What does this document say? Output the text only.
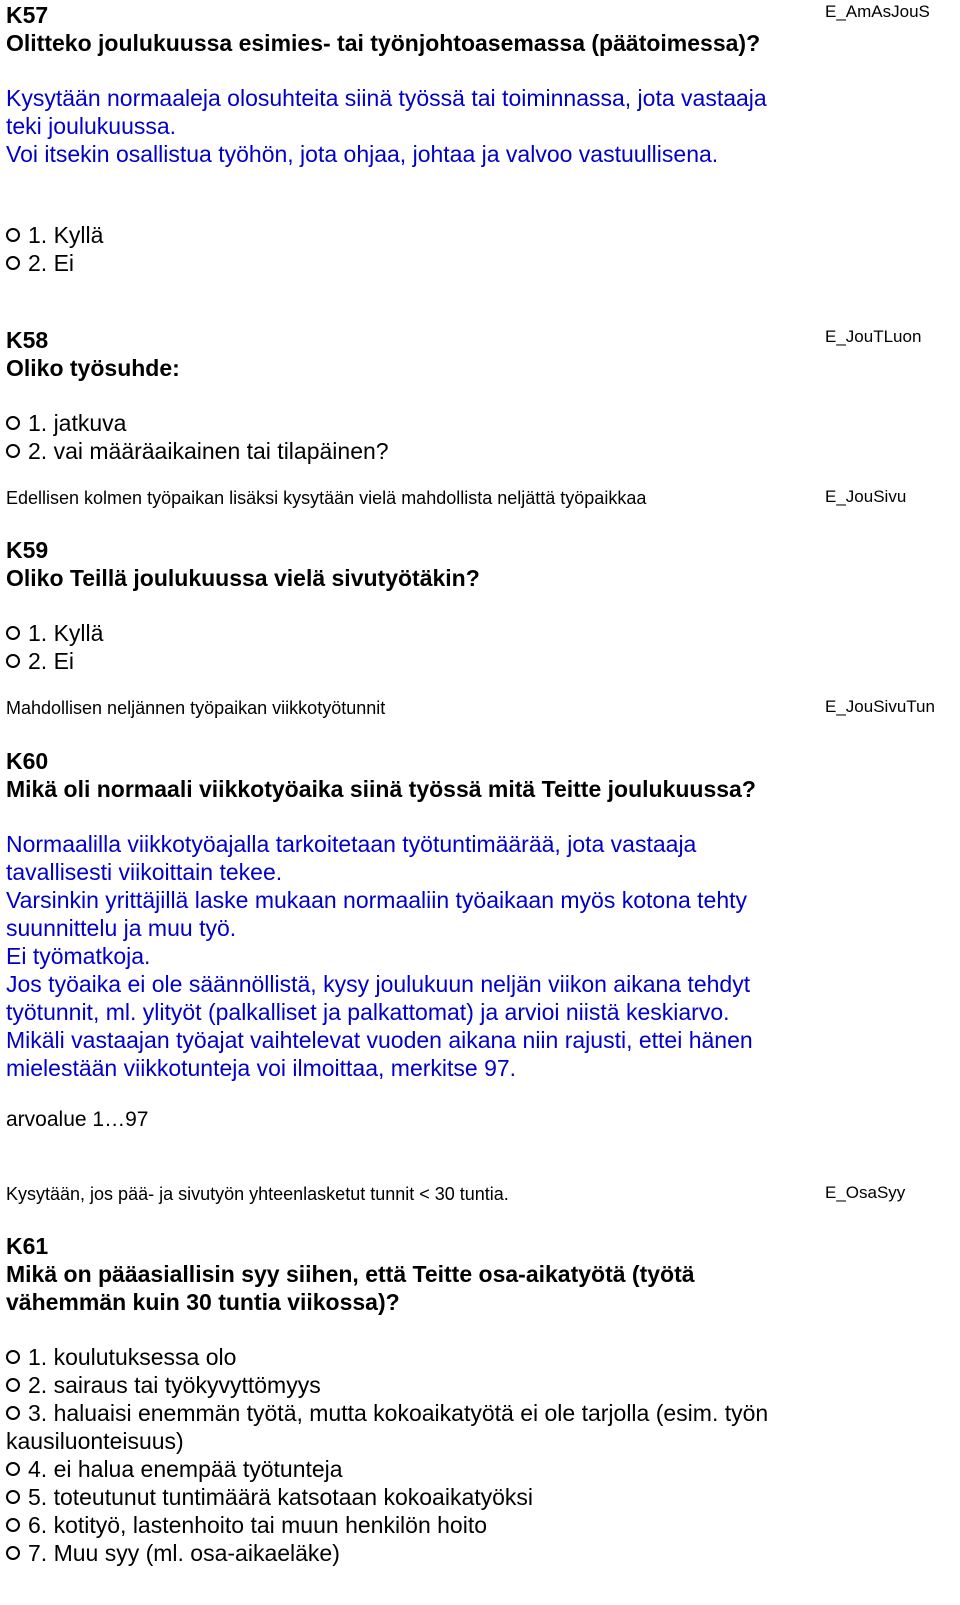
K57
Olitteko joulukuussa esimies- tai työnjohtoasemassa (päätoimessa)?
E_AmAsJouS

Kysytään normaaleja olosuhteita siinä työssä tai toiminnassa, jota vastaaja

teki joulukuussa.

Voi itsekin osallistua työhön, jota ohjaa, johtaa ja valvoo vastuullisena.

1. Kyllä
2. Ei
K58
Oliko työsuhde:
E_JouTLuon
1. jatkuva
2. vai määräaikainen tai tilapäinen?
Edellisen kolmen työpaikan lisäksi kysytään vielä mahdollista neljättä työpaikkaa	E_JouSivu
K59
Oliko Teillä joulukuussa vielä sivutyötäkin?
1. Kyllä
2. Ei
Mahdollisen neljännen työpaikan viikkotyötunnit	E_JouSivuTun
K60
Mikä oli normaali viikkotyöaika siinä työssä mitä Teitte joulukuussa?

Normaalilla viikkotyöajalla tarkoitetaan työtuntimäärää, jota vastaaja

tavallisesti viikoittain tekee.

Varsinkin yrittäjillä laske mukaan normaaliin työaikaan myös kotona tehty

suunnittelu ja muu työ.

Ei työmatkoja.

Jos työaika ei ole säännöllistä, kysy joulukuun neljän viikon aikana tehdyt

työtunnit, ml. ylityöt (palkalliset ja palkattomat) ja arvioi niistä keskiarvo.

Mikäli vastaajan työajat vaihtelevat vuoden aikana niin rajusti, ettei hänen

mielestään viikkotunteja voi ilmoittaa, merkitse 97.

arvoalue 1…97
Kysytään, jos pää- ja sivutyön yhteenlasketut tunnit < 30 tuntia.	E_OsaSyy
K61

Mikä on pääasiallisin syy siihen, että Teitte osa-aikatyötä (työtä

vähemmän kuin 30 tuntia viikossa)?

1. koulutuksessa olo
2. sairaus tai työkyvyttömyys
3. haluaisi enemmän työtä, mutta kokoaikatyötä ei ole tarjolla (esim. työn
kausiluonteisuus)
4. ei halua enempää työtunteja
5. toteutunut tuntimäärä katsotaan kokoaikatyöksi
6. kotityö, lastenhoito tai muun henkilön hoito
7. Muu syy (ml. osa-aikaeläke)
